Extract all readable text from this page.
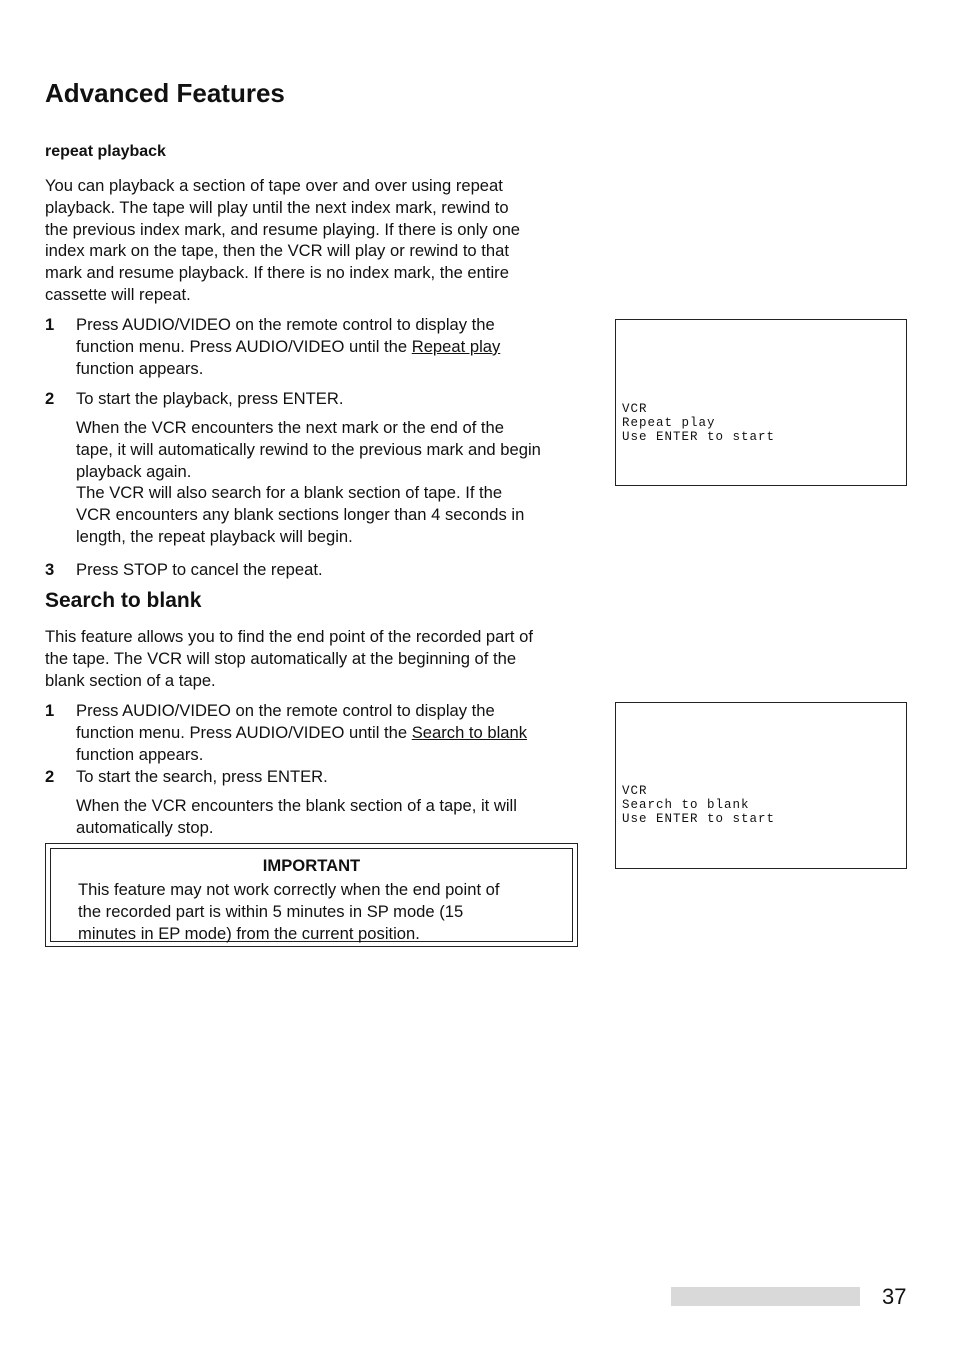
Advanced Features
repeat playback
You can playback a section of tape over and over using repeat
playback. The tape will play until the next index mark, rewind to
the previous index mark, and resume playing. If there is only one
index mark on the tape, then the VCR will play or rewind to that
mark and resume playback. If there is no index mark, the entire
cassette will repeat.
1 Press AUDIO/VIDEO on the remote control to display the
function menu. Press AUDIO/VIDEO until the Repeat play
function appears.
2 To start the playback, press ENTER.
When the VCR encounters the next mark or the end of the
tape, it will automatically rewind to the previous mark and begin
playback again.
The VCR will also search for a blank section of tape. If the
VCR encounters any blank sections longer than 4 seconds in
length, the repeat playback will begin.
3 Press STOP to cancel the repeat.
VCR
Repeat play
Use ENTER to start
Search to blank
This feature allows you to find the end point of the recorded part of
the tape. The VCR will stop automatically at the beginning of the
blank section of a tape.
1 Press AUDIO/VIDEO on the remote control to display the
function menu. Press AUDIO/VIDEO until the Search to blank
function appears.
2 To start the search, press ENTER.
When the VCR encounters the blank section of a tape, it will
automatically stop.
IMPORTANT
This feature may not work correctly when the end point of
the recorded part is within 5 minutes in SP mode (15
minutes in EP mode) from the current position.
VCR
Search to blank
Use ENTER to start
37
